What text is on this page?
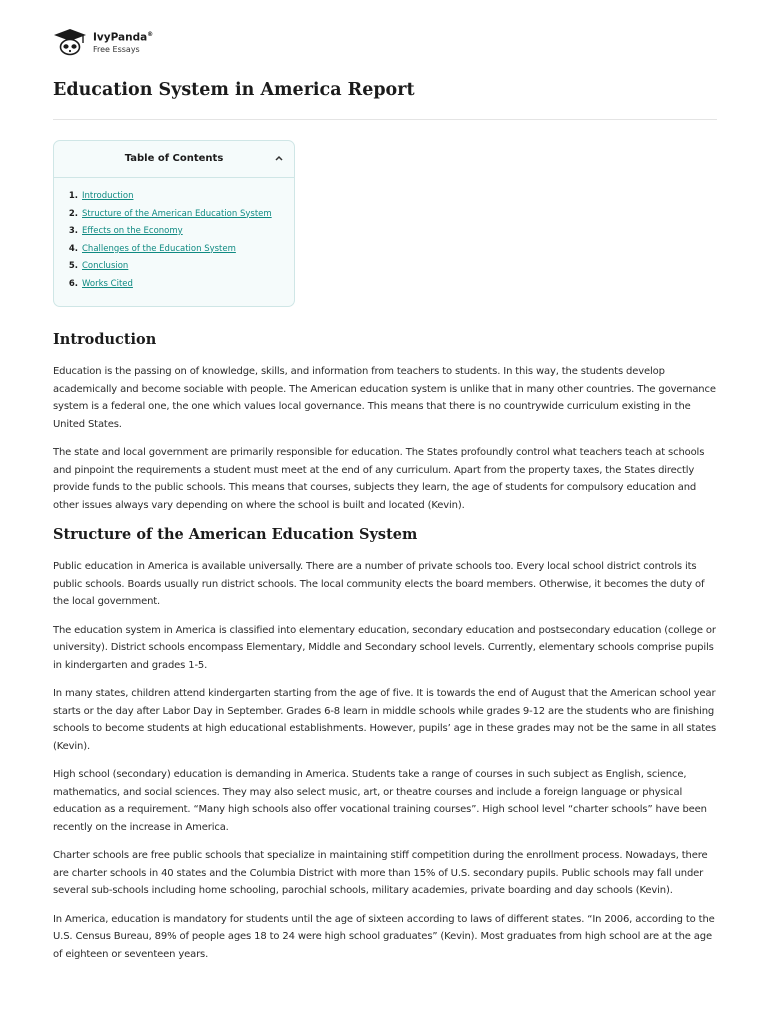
IvyPanda®
Free Essays
Education System in America Report
Table of Contents
1. Introduction
2. Structure of the American Education System
3. Effects on the Economy
4. Challenges of the Education System
5. Conclusion
6. Works Cited
Introduction

Education is the passing on of knowledge, skills, and information from teachers to students. In this way, the students develop academically and become sociable with people. The American education system is unlike that in many other countries. The governance system is a federal one, the one which values local governance. This means that there is no countrywide curriculum existing in the United States.

The state and local government are primarily responsible for education. The States profoundly control what teachers teach at schools and pinpoint the requirements a student must meet at the end of any curriculum. Apart from the property taxes, the States directly provide funds to the public schools. This means that courses, subjects they learn, the age of students for compulsory education and other issues always vary depending on where the school is built and located (Kevin).

Structure of the American Education System

Public education in America is available universally. There are a number of private schools too. Every local school district controls its public schools. Boards usually run district schools. The local community elects the board members. Otherwise, it becomes the duty of the local government.

The education system in America is classified into elementary education, secondary education and postsecondary education (college or university). District schools encompass Elementary, Middle and Secondary school levels. Currently, elementary schools comprise pupils in kindergarten and grades 1-5.

In many states, children attend kindergarten starting from the age of five. It is towards the end of August that the American school year starts or the day after Labor Day in September. Grades 6-8 learn in middle schools while grades 9-12 are the students who are finishing schools to become students at high educational establishments. However, pupils’ age in these grades may not be the same in all states (Kevin).

High school (secondary) education is demanding in America. Students take a range of courses in such subject as English, science, mathematics, and social sciences. They may also select music, art, or theatre courses and include a foreign language or physical education as a requirement. “Many high schools also offer vocational training courses”. High school level “charter schools” have been recently on the increase in America.

Charter schools are free public schools that specialize in maintaining stiff competition during the enrollment process. Nowadays, there are charter schools in 40 states and the Columbia District with more than 15% of U.S. secondary pupils. Public schools may fall under several sub-schools including home schooling, parochial schools, military academies, private boarding and day schools (Kevin).

In America, education is mandatory for students until the age of sixteen according to laws of different states. “In 2006, according to the U.S. Census Bureau, 89% of people ages 18 to 24 were high school graduates” (Kevin). Most graduates from high school are at the age of eighteen or seventeen years.
